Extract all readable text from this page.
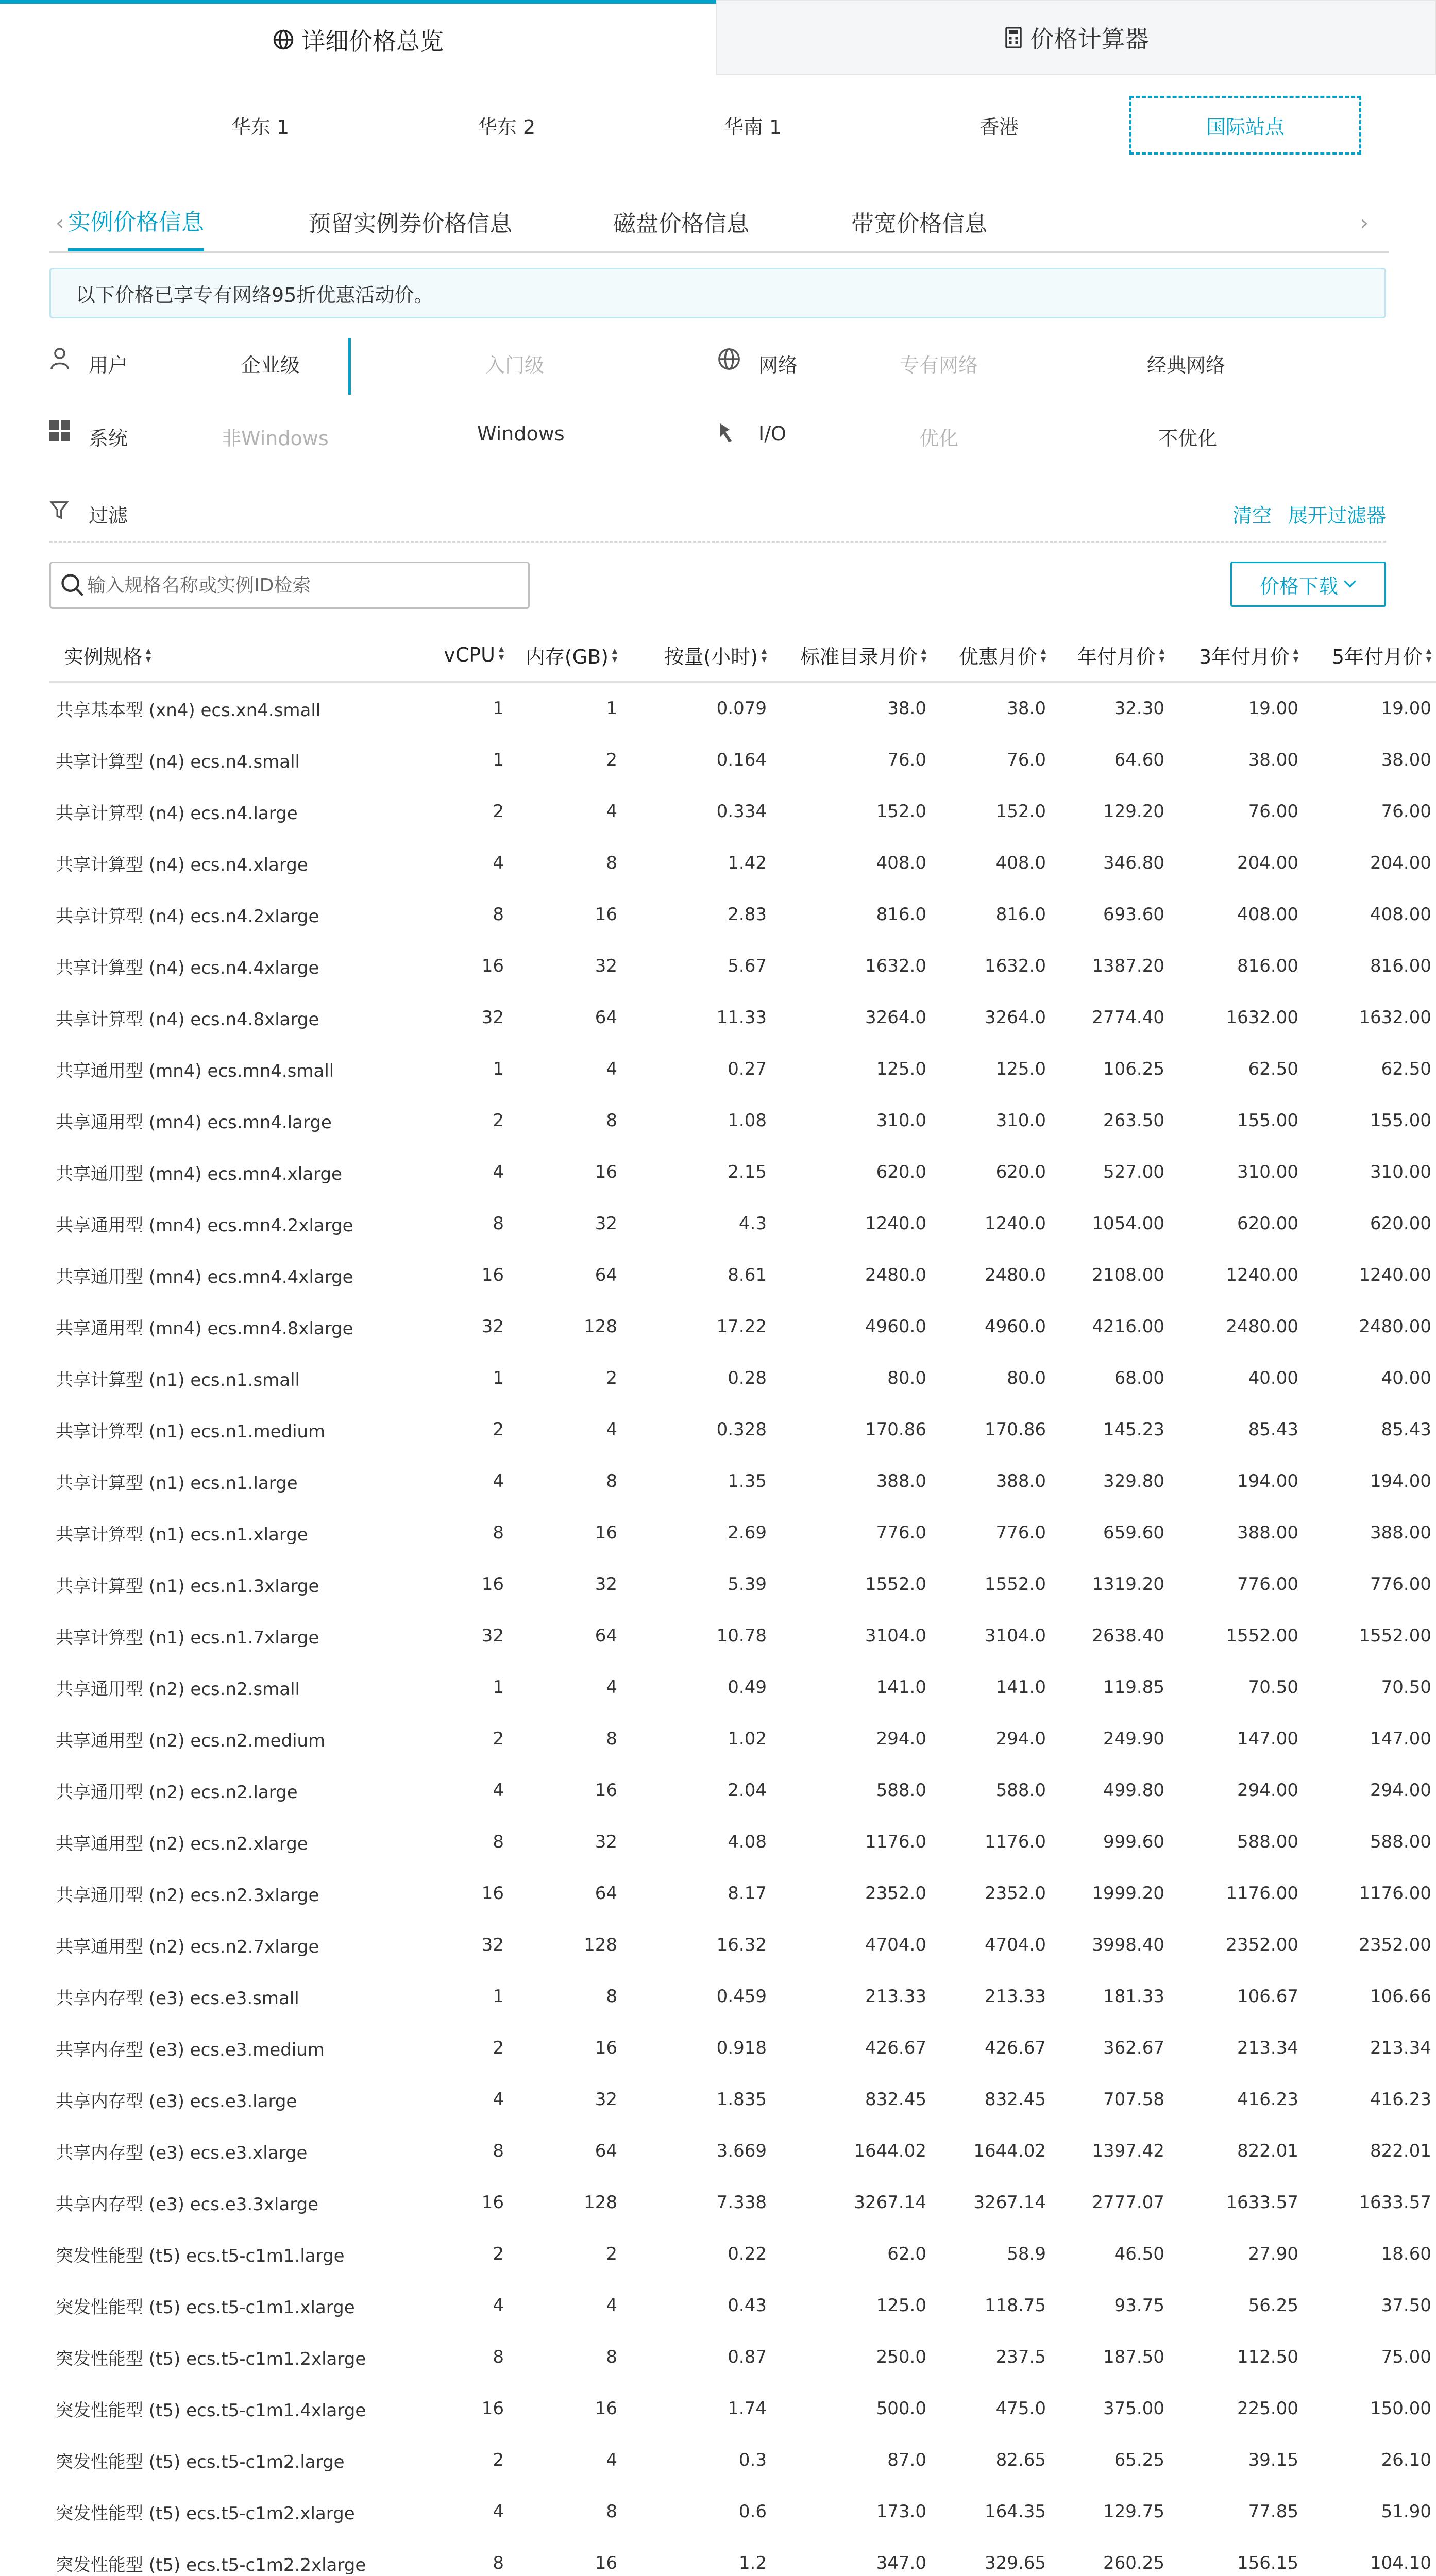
详细价格总览	价格计算器
华东 1	华东 2	华南 1	香港	国际站点
‹ 实例价格信息	预留实例券价格信息	磁盘价格信息	带宽价格信息	›
以下价格已享专有网络95折优惠活动价。
用户	企业级	入门级	网络	专有网络	经典网络
系统	非Windows	Windows	I/O	优化	不优化
过滤	清空 展开过滤器
输入规格名称或实例ID检索
价格下载
实例规格 ▲▼	vCPU ▲▼	内存(GB) ▲▼	按量(小时) ▲▼	标准目录月价 ▲▼	优惠月价 ▲▼	年付月价 ▲▼	3年付月价 ▲▼	5年付月价 ▲▼
共享基本型 (xn4) ecs.xn4.small	1	1	0.079	38.0	38.0	32.30	19.00	19.00
共享计算型 (n4) ecs.n4.small	1	2	0.164	76.0	76.0	64.60	38.00	38.00
共享计算型 (n4) ecs.n4.large	2	4	0.334	152.0	152.0	129.20	76.00	76.00
共享计算型 (n4) ecs.n4.xlarge	4	8	1.42	408.0	408.0	346.80	204.00	204.00
共享计算型 (n4) ecs.n4.2xlarge	8	16	2.83	816.0	816.0	693.60	408.00	408.00
共享计算型 (n4) ecs.n4.4xlarge	16	32	5.67	1632.0	1632.0	1387.20	816.00	816.00
共享计算型 (n4) ecs.n4.8xlarge	32	64	11.33	3264.0	3264.0	2774.40	1632.00	1632.00
共享通用型 (mn4) ecs.mn4.small	1	4	0.27	125.0	125.0	106.25	62.50	62.50
共享通用型 (mn4) ecs.mn4.large	2	8	1.08	310.0	310.0	263.50	155.00	155.00
共享通用型 (mn4) ecs.mn4.xlarge	4	16	2.15	620.0	620.0	527.00	310.00	310.00
共享通用型 (mn4) ecs.mn4.2xlarge	8	32	4.3	1240.0	1240.0	1054.00	620.00	620.00
共享通用型 (mn4) ecs.mn4.4xlarge	16	64	8.61	2480.0	2480.0	2108.00	1240.00	1240.00
共享通用型 (mn4) ecs.mn4.8xlarge	32	128	17.22	4960.0	4960.0	4216.00	2480.00	2480.00
共享计算型 (n1) ecs.n1.small	1	2	0.28	80.0	80.0	68.00	40.00	40.00
共享计算型 (n1) ecs.n1.medium	2	4	0.328	170.86	170.86	145.23	85.43	85.43
共享计算型 (n1) ecs.n1.large	4	8	1.35	388.0	388.0	329.80	194.00	194.00
共享计算型 (n1) ecs.n1.xlarge	8	16	2.69	776.0	776.0	659.60	388.00	388.00
共享计算型 (n1) ecs.n1.3xlarge	16	32	5.39	1552.0	1552.0	1319.20	776.00	776.00
共享计算型 (n1) ecs.n1.7xlarge	32	64	10.78	3104.0	3104.0	2638.40	1552.00	1552.00
共享通用型 (n2) ecs.n2.small	1	4	0.49	141.0	141.0	119.85	70.50	70.50
共享通用型 (n2) ecs.n2.medium	2	8	1.02	294.0	294.0	249.90	147.00	147.00
共享通用型 (n2) ecs.n2.large	4	16	2.04	588.0	588.0	499.80	294.00	294.00
共享通用型 (n2) ecs.n2.xlarge	8	32	4.08	1176.0	1176.0	999.60	588.00	588.00
共享通用型 (n2) ecs.n2.3xlarge	16	64	8.17	2352.0	2352.0	1999.20	1176.00	1176.00
共享通用型 (n2) ecs.n2.7xlarge	32	128	16.32	4704.0	4704.0	3998.40	2352.00	2352.00
共享内存型 (e3) ecs.e3.small	1	8	0.459	213.33	213.33	181.33	106.67	106.66
共享内存型 (e3) ecs.e3.medium	2	16	0.918	426.67	426.67	362.67	213.34	213.34
共享内存型 (e3) ecs.e3.large	4	32	1.835	832.45	832.45	707.58	416.23	416.23
共享内存型 (e3) ecs.e3.xlarge	8	64	3.669	1644.02	1644.02	1397.42	822.01	822.01
共享内存型 (e3) ecs.e3.3xlarge	16	128	7.338	3267.14	3267.14	2777.07	1633.57	1633.57
突发性能型 (t5) ecs.t5-c1m1.large	2	2	0.22	62.0	58.9	46.50	27.90	18.60
突发性能型 (t5) ecs.t5-c1m1.xlarge	4	4	0.43	125.0	118.75	93.75	56.25	37.50
突发性能型 (t5) ecs.t5-c1m1.2xlarge	8	8	0.87	250.0	237.5	187.50	112.50	75.00
突发性能型 (t5) ecs.t5-c1m1.4xlarge	16	16	1.74	500.0	475.0	375.00	225.00	150.00
突发性能型 (t5) ecs.t5-c1m2.large	2	4	0.3	87.0	82.65	65.25	39.15	26.10
突发性能型 (t5) ecs.t5-c1m2.xlarge	4	8	0.6	173.0	164.35	129.75	77.85	51.90
突发性能型 (t5) ecs.t5-c1m2.2xlarge	8	16	1.2	347.0	329.65	260.25	156.15	104.10
